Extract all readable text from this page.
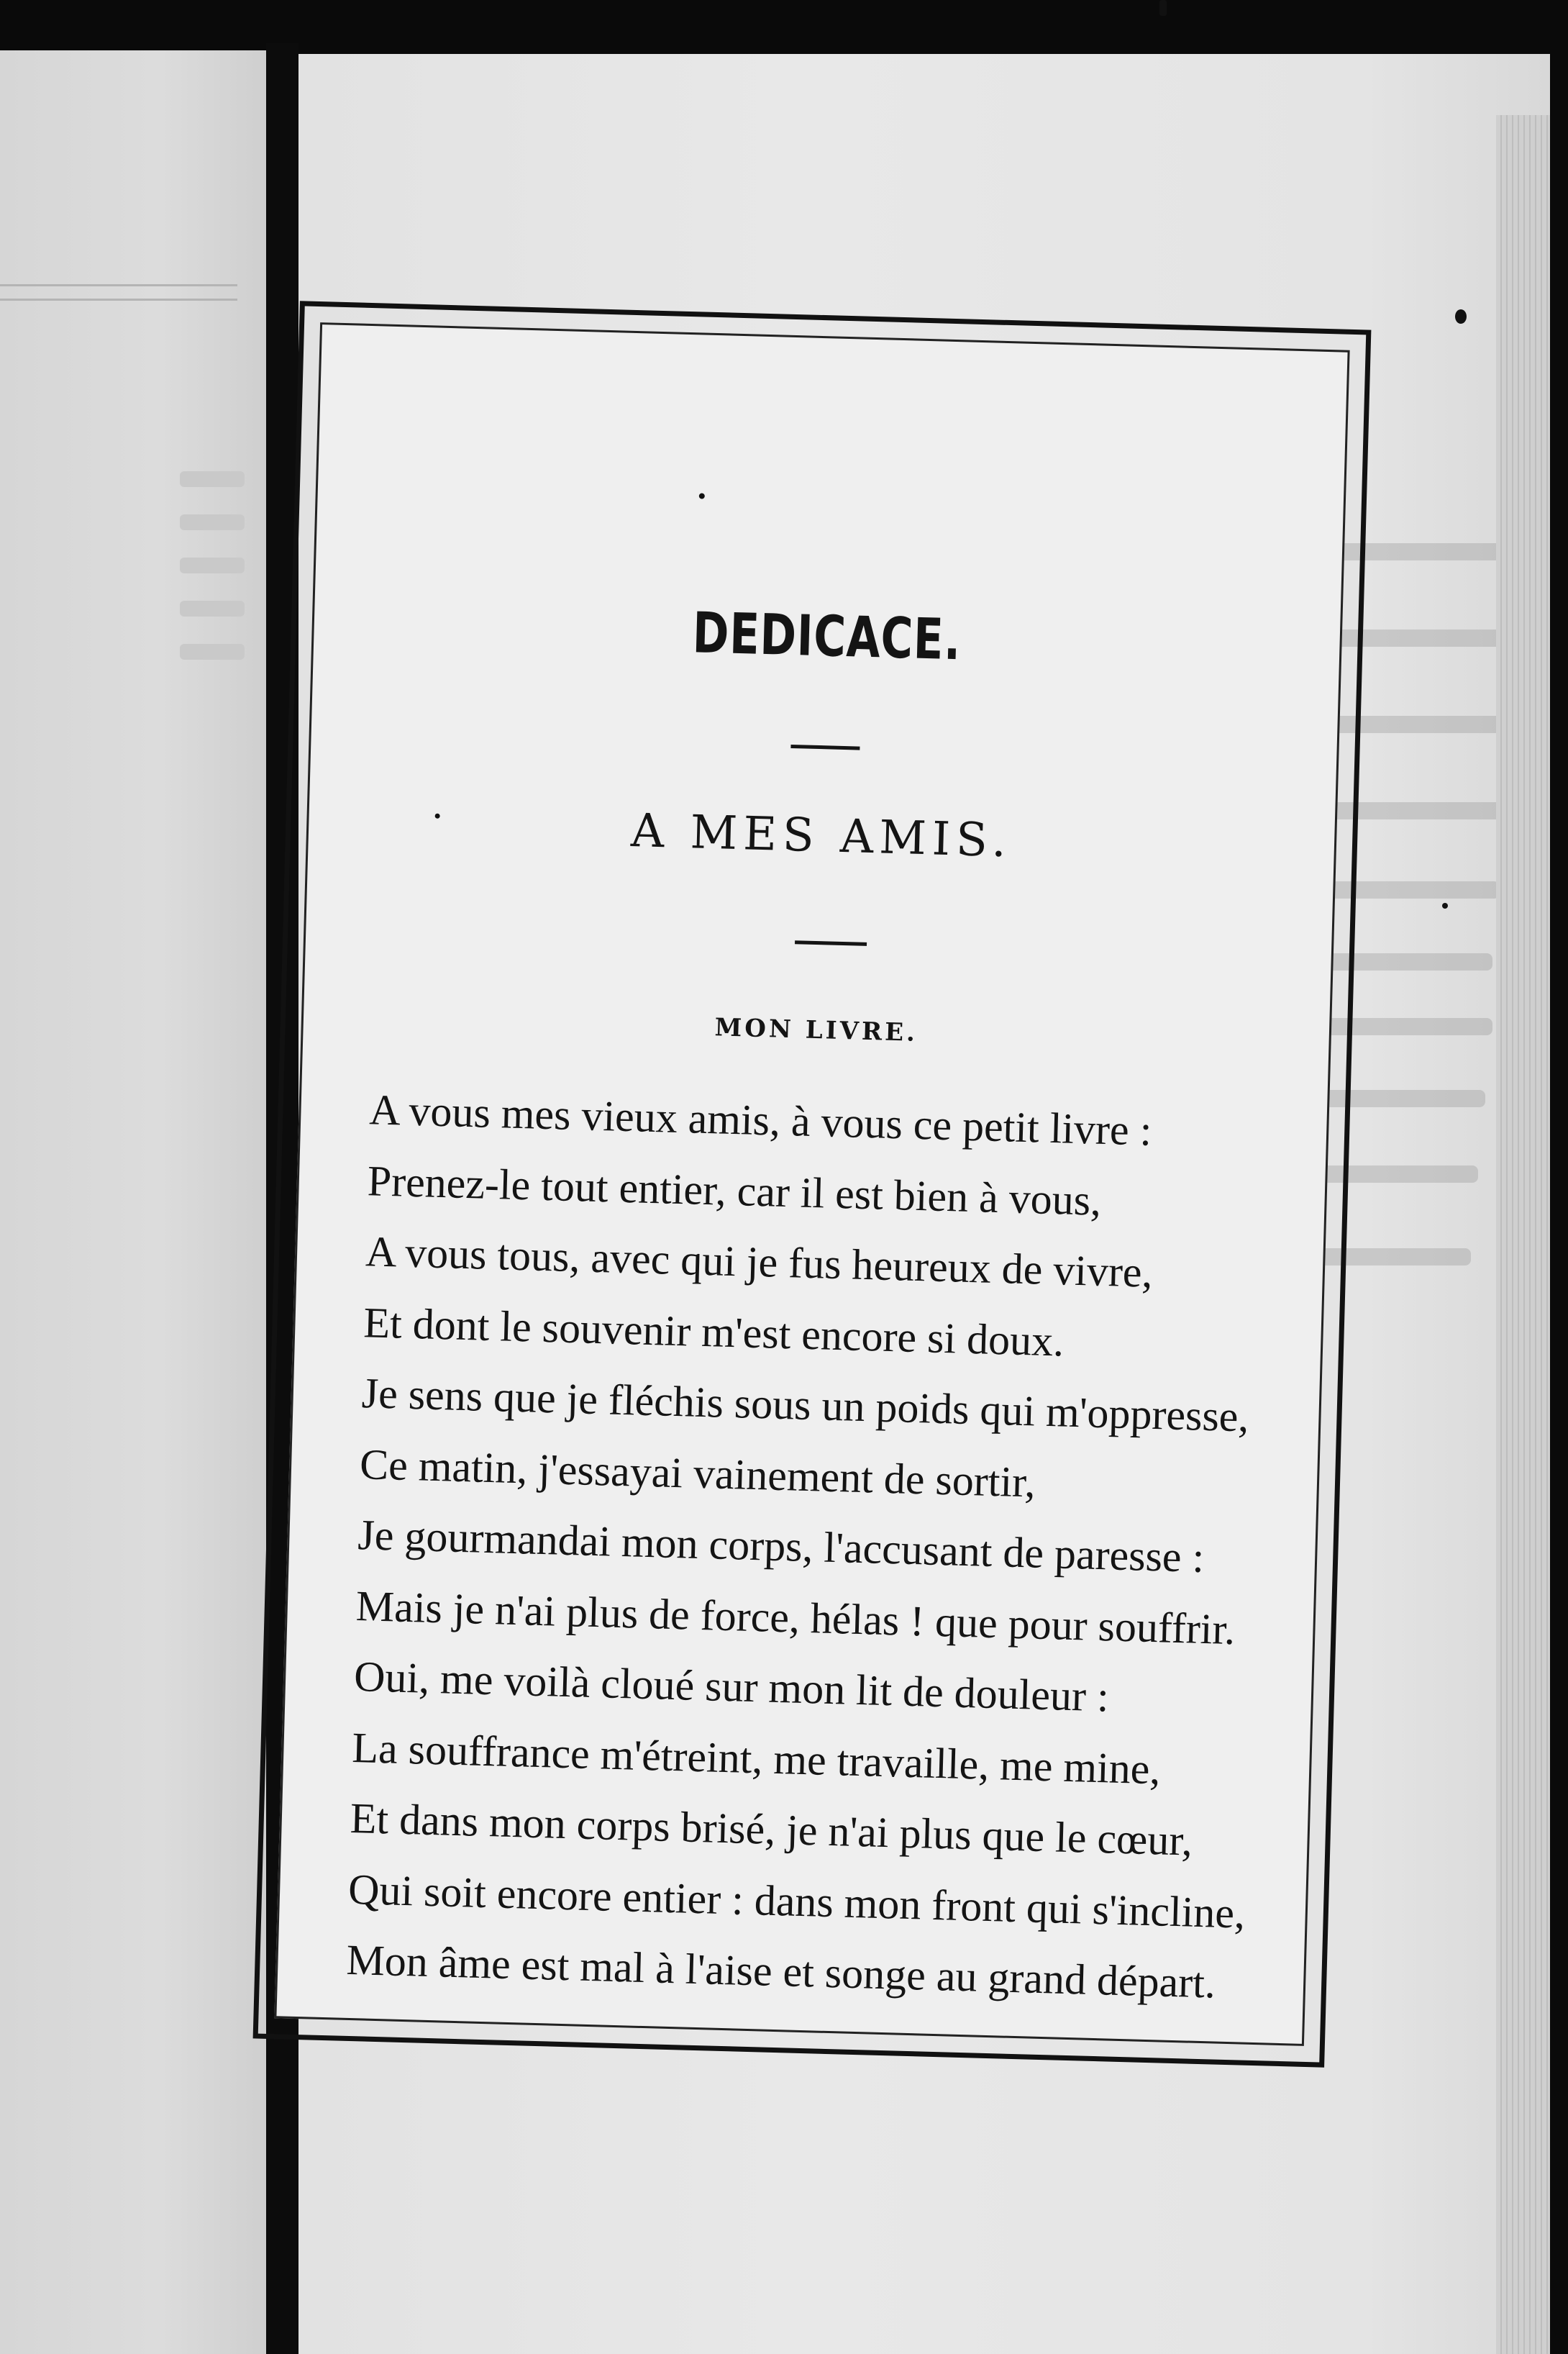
DEDICACE.
A MES AMIS.
MON LIVRE.
A vous mes vieux amis, à vous ce petit livre :
Prenez-le tout entier, car il est bien à vous,
A vous tous, avec qui je fus heureux de vivre,
Et dont le souvenir m'est encore si doux.
Je sens que je fléchis sous un poids qui m'oppresse,
Ce matin, j'essayai vainement de sortir,
Je gourmandai mon corps, l'accusant de paresse :
Mais je n'ai plus de force, hélas ! que pour souffrir.
Oui, me voilà cloué sur mon lit de douleur :
La souffrance m'étreint, me travaille, me mine,
Et dans mon corps brisé, je n'ai plus que le cœur,
Qui soit encore entier : dans mon front qui s'incline,
Mon âme est mal à l'aise et songe au grand départ.
